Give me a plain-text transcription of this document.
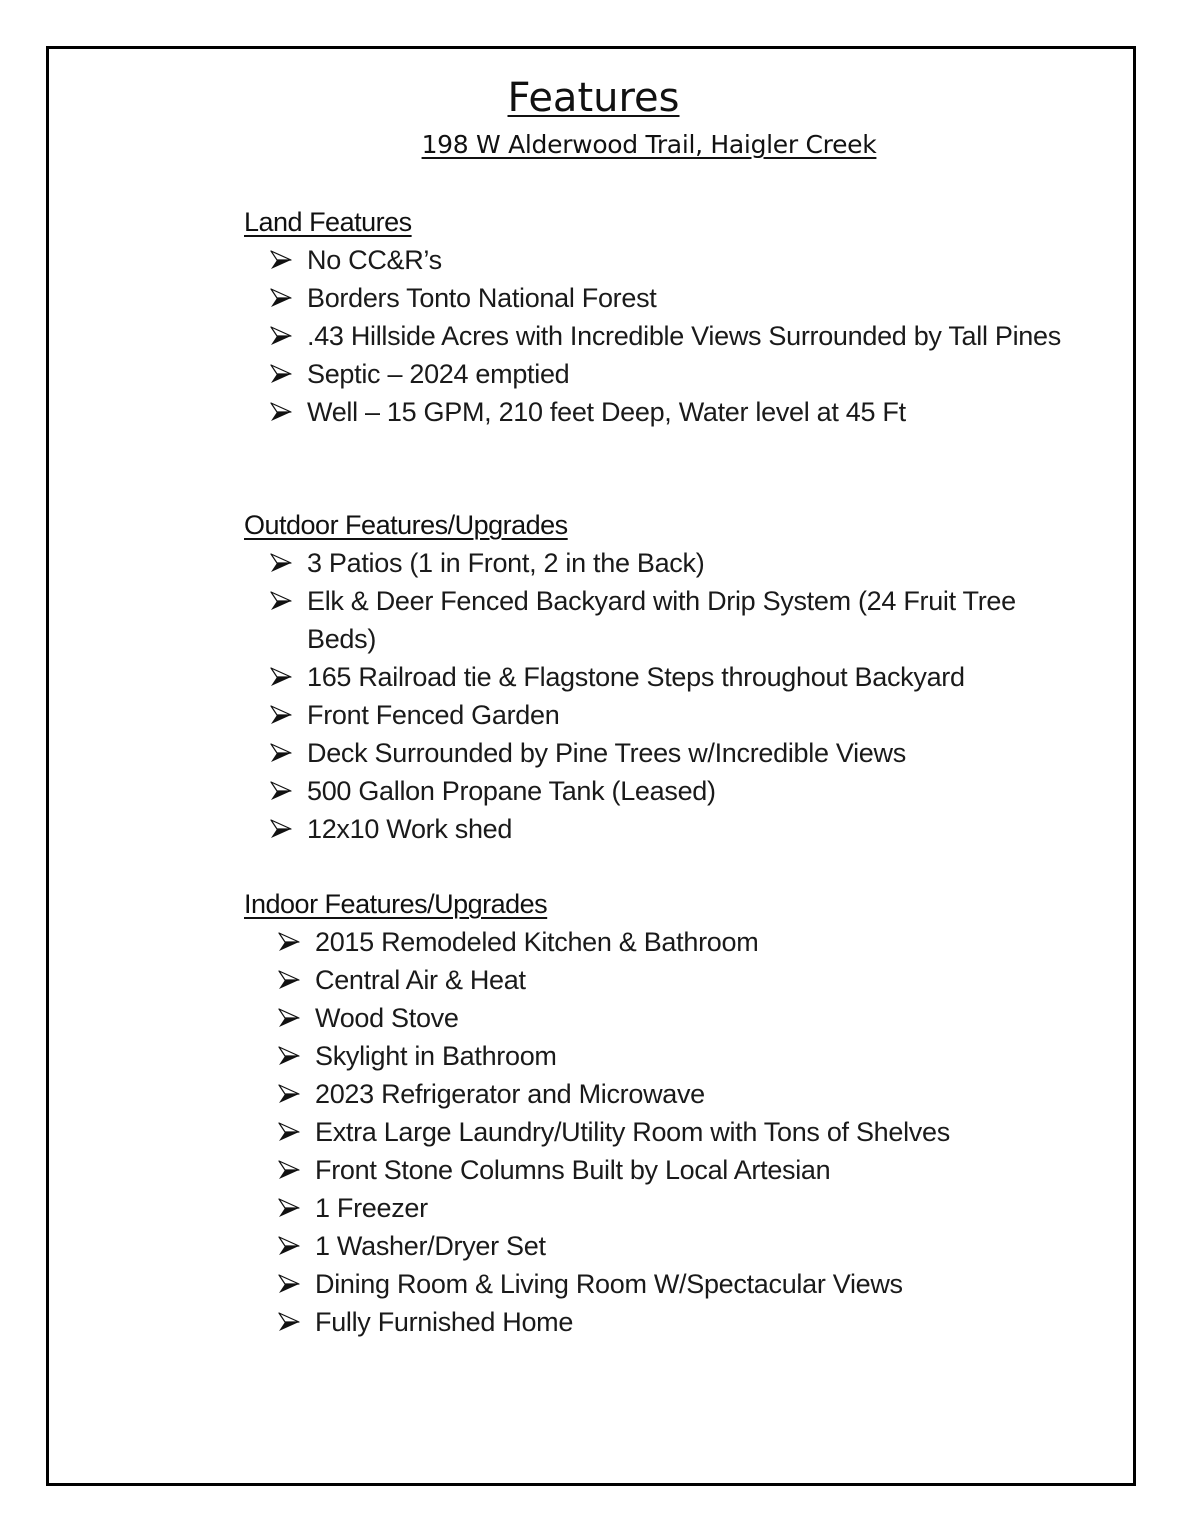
Features
198 W Alderwood Trail, Haigler Creek
Land Features
No CC&R’s
Borders Tonto National Forest
.43 Hillside Acres with Incredible Views Surrounded by Tall Pines
Septic – 2024 emptied
Well – 15 GPM, 210 feet Deep, Water level at 45 Ft
Outdoor Features/Upgrades
3 Patios (1 in Front, 2 in the Back)
Elk & Deer Fenced Backyard with Drip System (24 Fruit Tree Beds)
165 Railroad tie & Flagstone Steps throughout Backyard
Front Fenced Garden
Deck Surrounded by Pine Trees w/Incredible Views
500 Gallon Propane Tank (Leased)
12x10 Work shed
Indoor Features/Upgrades
2015 Remodeled Kitchen & Bathroom
Central Air & Heat
Wood Stove
Skylight in Bathroom
2023 Refrigerator and Microwave
Extra Large Laundry/Utility Room with Tons of Shelves
Front Stone Columns Built by Local Artesian
1 Freezer
1 Washer/Dryer Set
Dining Room & Living Room W/Spectacular Views
Fully Furnished Home
